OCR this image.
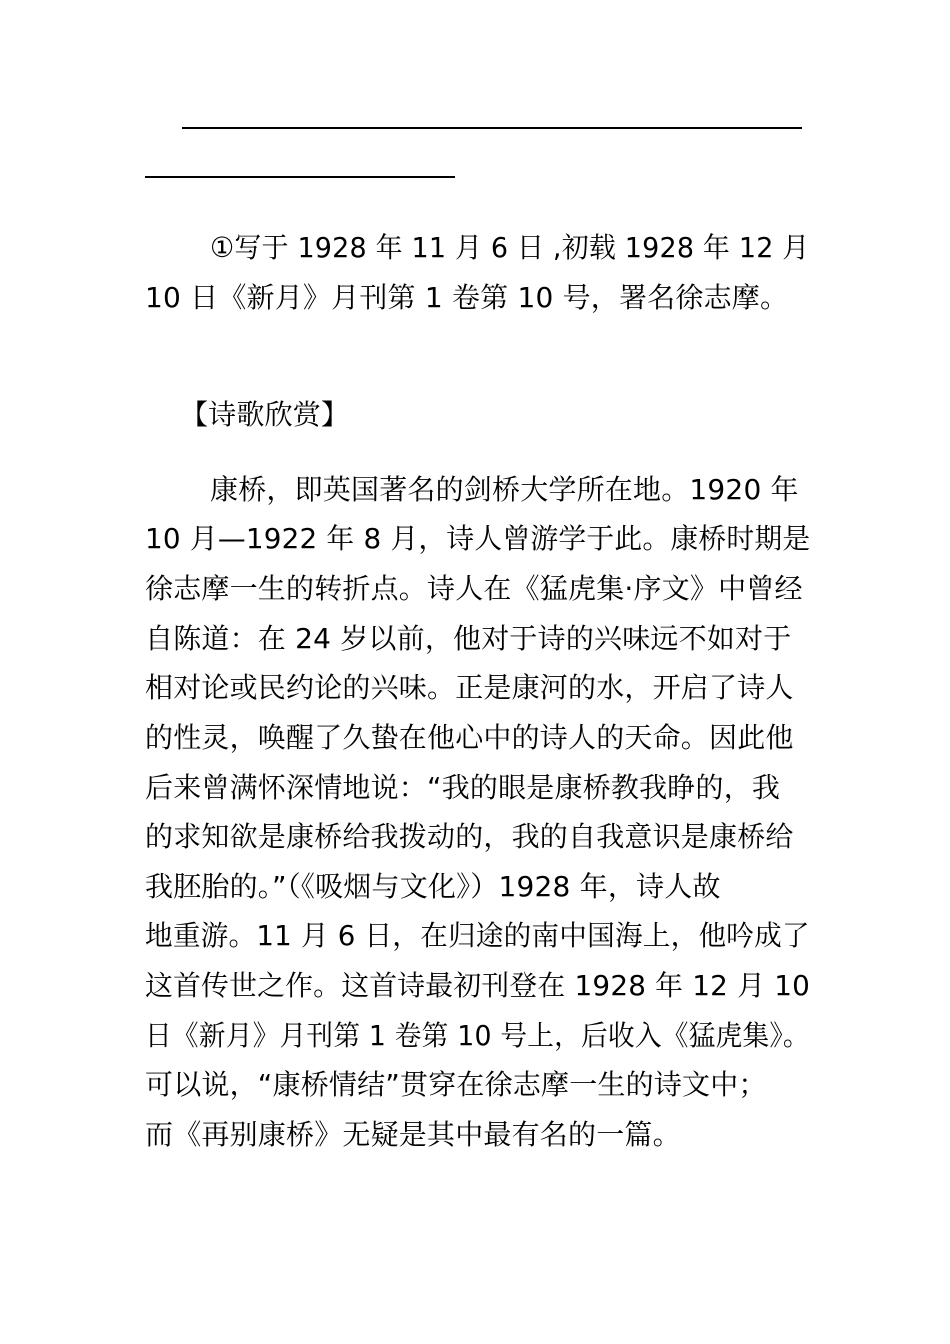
①写于 1928 年 11 月 6 日 ,初载 1928 年 12 月
10 日《新月》月刊第 1 卷第 10 号，署名徐志摩。
【诗歌欣赏】
康桥，即英国著名的剑桥大学所在地。1920 年
10 月—1922 年 8 月，诗人曾游学于此。康桥时期是
徐志摩一生的转折点。诗人在《猛虎集·序文》中曾经
自陈道：在 24 岁以前，他对于诗的兴味远不如对于
相对论或民约论的兴味。正是康河的水，开启了诗人
的性灵，唤醒了久蛰在他心中的诗人的天命。因此他
后来曾满怀深情地说：“我的眼是康桥教我睁的，我
的求知欲是康桥给我拨动的，我的自我意识是康桥给
我胚胎的。”（《吸烟与文化》）1928 年，诗人故
地重游。11 月 6 日，在归途的南中国海上，他吟成了
这首传世之作。这首诗最初刊登在 1928 年 12 月 10
日《新月》月刊第 1 卷第 10 号上，后收入《猛虎集》。
可以说，“康桥情结”贯穿在徐志摩一生的诗文中；
而《再别康桥》无疑是其中最有名的一篇。
